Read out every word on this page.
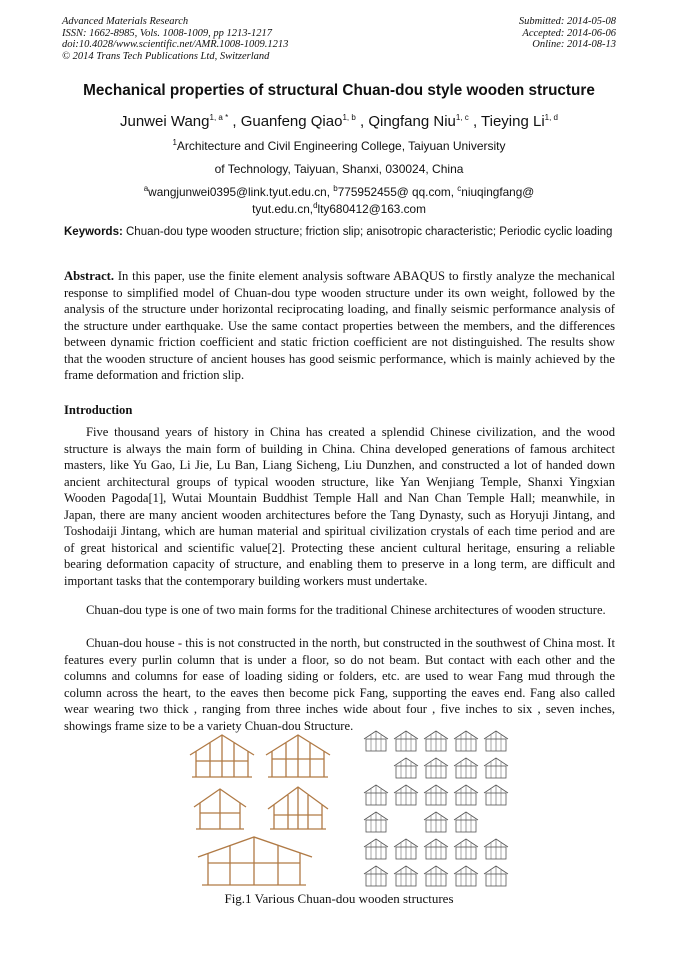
Advanced Materials Research
ISSN: 1662-8985, Vols. 1008-1009, pp 1213-1217
doi:10.4028/www.scientific.net/AMR.1008-1009.1213
© 2014 Trans Tech Publications Ltd, Switzerland
Submitted: 2014-05-08
Accepted: 2014-06-06
Online: 2014-08-13
Mechanical properties of structural Chuan-dou style wooden structure
Junwei Wang$^{1, a *}$ , Guanfeng Qiao$^{1, b}$ , Qingfang Niu$^{1, c}$ , Tieying Li$^{1, d}$
$^1$Architecture and Civil Engineering College, Taiyuan University
of Technology, Taiyuan, Shanxi, 030024, China
$^a$wangjunwei0395@link.tyut.edu.cn, $^b$775952455@ qq.com, $^c$niuqingfang@ tyut.edu.cn,$^d$lty680412@163.com
Keywords: Chuan-dou type wooden structure; friction slip; anisotropic characteristic; Periodic cyclic loading
Abstract. In this paper, use the finite element analysis software ABAQUS to firstly analyze the mechanical response to simplified model of Chuan-dou type wooden structure under its own weight, followed by the analysis of the structure under horizontal reciprocating loading, and finally seismic performance analysis of the structure under earthquake. Use the same contact properties between the members, and the differences between dynamic friction coefficient and static friction coefficient are not distinguished. The results show that the wooden structure of ancient houses has good seismic performance, which is mainly achieved by the frame deformation and friction slip.
Introduction
Five thousand years of history in China has created a splendid Chinese civilization, and the wood structure is always the main form of building in China. China developed generations of famous architect masters, like Yu Gao, Li Jie, Lu Ban, Liang Sicheng, Liu Dunzhen, and constructed a lot of handed down ancient architectural groups of typical wooden structure, like Yan Wenjiang Temple, Shanxi Yingxian Wooden Pagoda[1], Wutai Mountain Buddhist Temple Hall and Nan Chan Temple Hall; meanwhile, in Japan, there are many ancient wooden architectures before the Tang Dynasty, such as Horyuji Jintang, and Toshodaiji Jintang, which are human material and spiritual civilization crystals of each time period and are of great historical and scientific value[2]. Protecting these ancient cultural heritage, ensuring a reliable bearing deformation capacity of structure, and enabling them to preserve in a long term, are difficult and important tasks that the contemporary building workers must undertake.
Chuan-dou type is one of two main forms for the traditional Chinese architectures of wooden structure.
Chuan-dou house - this is not constructed in the north, but constructed in the southwest of China most. It features every purlin column that is under a floor, so do not beam. But contact with each other and the columns and columns for ease of loading siding or folders, etc. are used to wear Fang mud through the column across the heart, to the eaves then become pick Fang, supporting the eaves end. Fang also called wear wearing two thick , ranging from three inches wide about four , five inches to six , seven inches, showings frame size to be a variety Chuan-dou Structure.
Fig.1 Various Chuan-dou wooden structures
